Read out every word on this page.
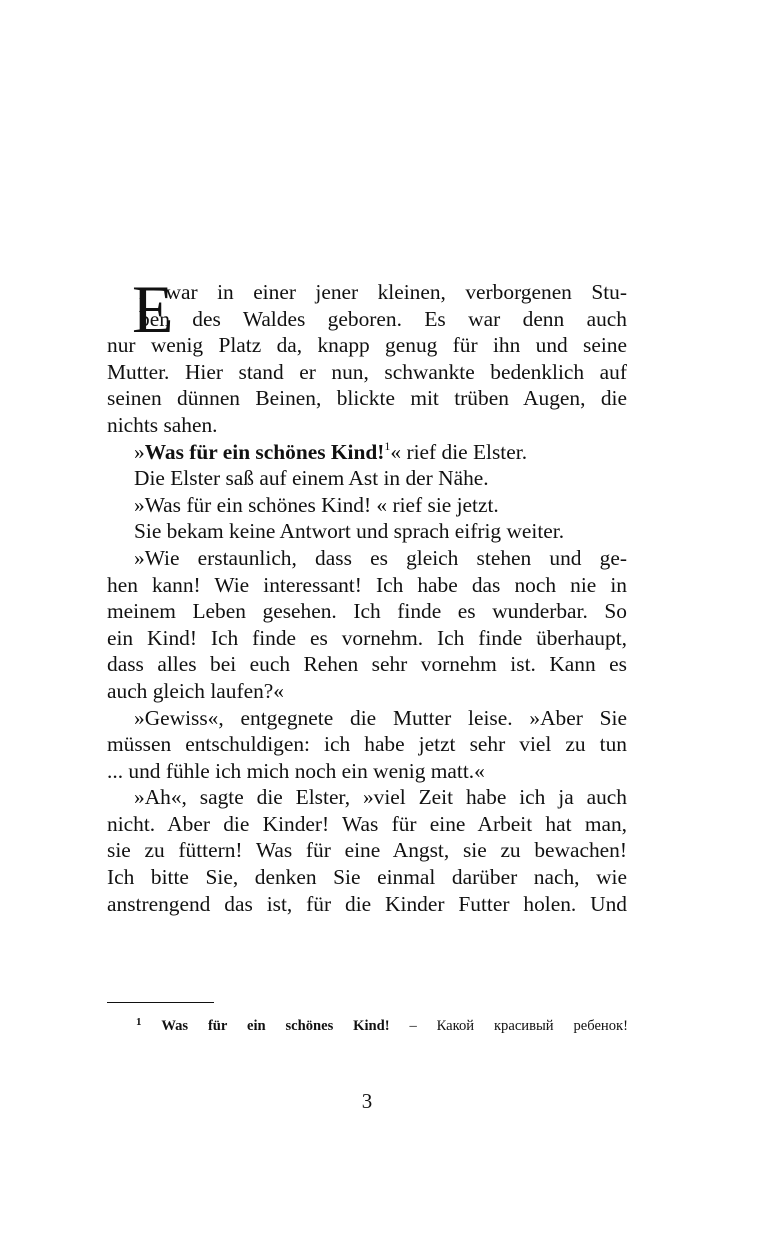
E
r war in einer jener kleinen, verborgenen Stu-
ben des Waldes geboren. Es war denn auch
nur wenig Platz da, knapp genug für ihn und seine
Mutter. Hier stand er nun, schwankte bedenklich auf
seinen dünnen Beinen, blickte mit trüben Augen, die
nichts sahen.
»Was für ein schönes Kind!$^1$« rief die Elster.
Die Elster saß auf einem Ast in der Nähe.
»Was für ein schönes Kind! « rief sie jetzt.
Sie bekam keine Antwort und sprach eifrig weiter.
»Wie erstaunlich, dass es gleich stehen und ge-
hen kann! Wie interessant! Ich habe das noch nie in
meinem Leben gesehen. Ich finde es wunderbar. So
ein Kind! Ich finde es vornehm. Ich finde überhaupt,
dass alles bei euch Rehen sehr vornehm ist. Kann es
auch gleich laufen?«
»Gewiss«, entgegnete die Mutter leise. »Aber Sie
müssen entschuldigen: ich habe jetzt sehr viel zu tun
... und fühle ich mich noch ein wenig matt.«
»Ah«, sagte die Elster, »viel Zeit habe ich ja auch
nicht. Aber die Kinder! Was für eine Arbeit hat man,
sie zu füttern! Was für eine Angst, sie zu bewachen!
Ich bitte Sie, denken Sie einmal darüber nach, wie
anstrengend das ist, für die Kinder Futter holen. Und
$^1$ Was für ein schönes Kind! – Какой красивый ребенок!
3
